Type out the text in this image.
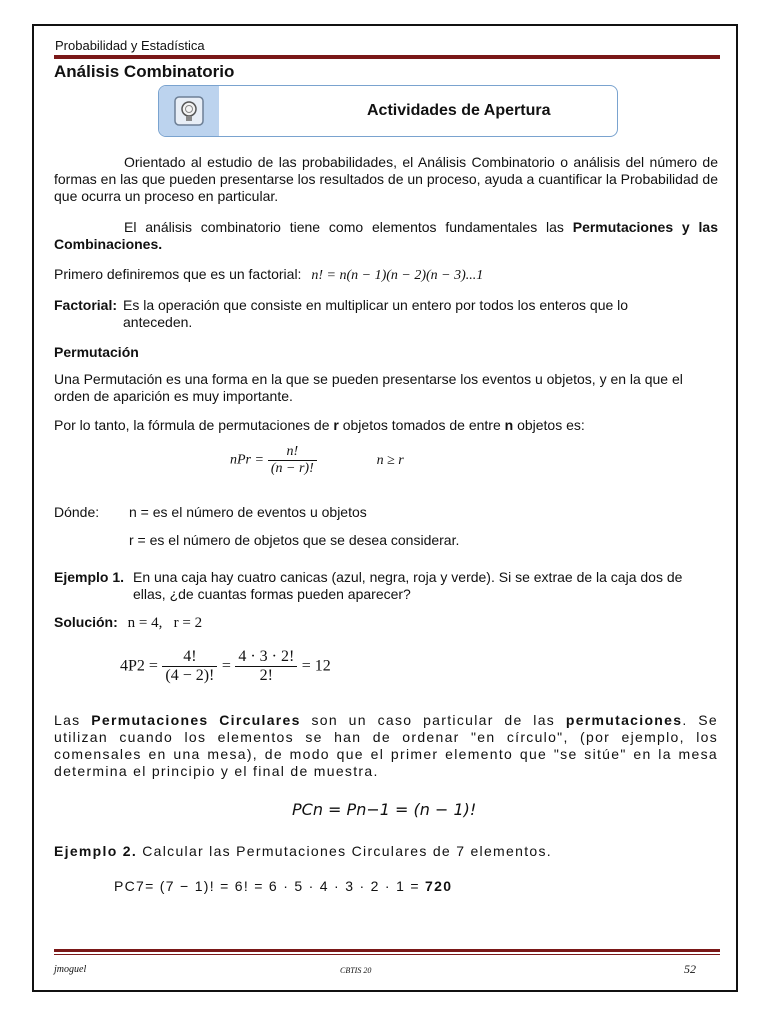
Probabilidad y Estadística
Análisis Combinatorio
Actividades de Apertura

Orientado al estudio de las probabilidades, el Análisis Combinatorio o análisis del número de formas en las que pueden presentarse los resultados de un proceso, ayuda a cuantificar la Probabilidad de que ocurra un proceso en particular.

El análisis combinatorio tiene como elementos fundamentales las Permutaciones y las Combinaciones.

Primero definiremos que es un factorial: n! = n(n − 1)(n − 2)(n − 3)...1
Factorial: Es la operación que consiste en multiplicar un entero por todos los enteros que lo anteceden.
Permutación

Una Permutación es una forma en la que se pueden presentarse los eventos u objetos, y en la que el orden de aparición es muy importante.

Por lo tanto, la fórmula de permutaciones de r objetos tomados de entre n objetos es:

nPr = $\frac{n!}{(n - r)!}$	n ≥ r
Dónde: n = es el número de eventos u objetos
r = es el número de objetos que se desea considerar.
Ejemplo 1. En una caja hay cuatro canicas (azul, negra, roja y verde). Si se extrae de la caja dos de ellas, ¿de cuantas formas pueden aparecer?
Solución: n = 4,   r = 2
$4P2 = \frac{4!}{(4 - 2)!} = \frac{4 \cdot 3 \cdot 2!}{2!} = 12$

Las Permutaciones Circulares son un caso particular de las permutaciones. Se utilizan cuando los elementos se han de ordenar "en círculo", (por ejemplo, los comensales en una mesa), de modo que el primer elemento que "se sitúe" en la mesa determina el principio y el final de muestra.

PCn = Pn−1 = (n − 1)!
Ejemplo 2. Calcular las Permutaciones Circulares de 7 elementos.
PC7= (7 − 1)! = 6! = 6 · 5 · 4 · 3 · 2 · 1 = 720
jmoguel	CBTIS 20	52
